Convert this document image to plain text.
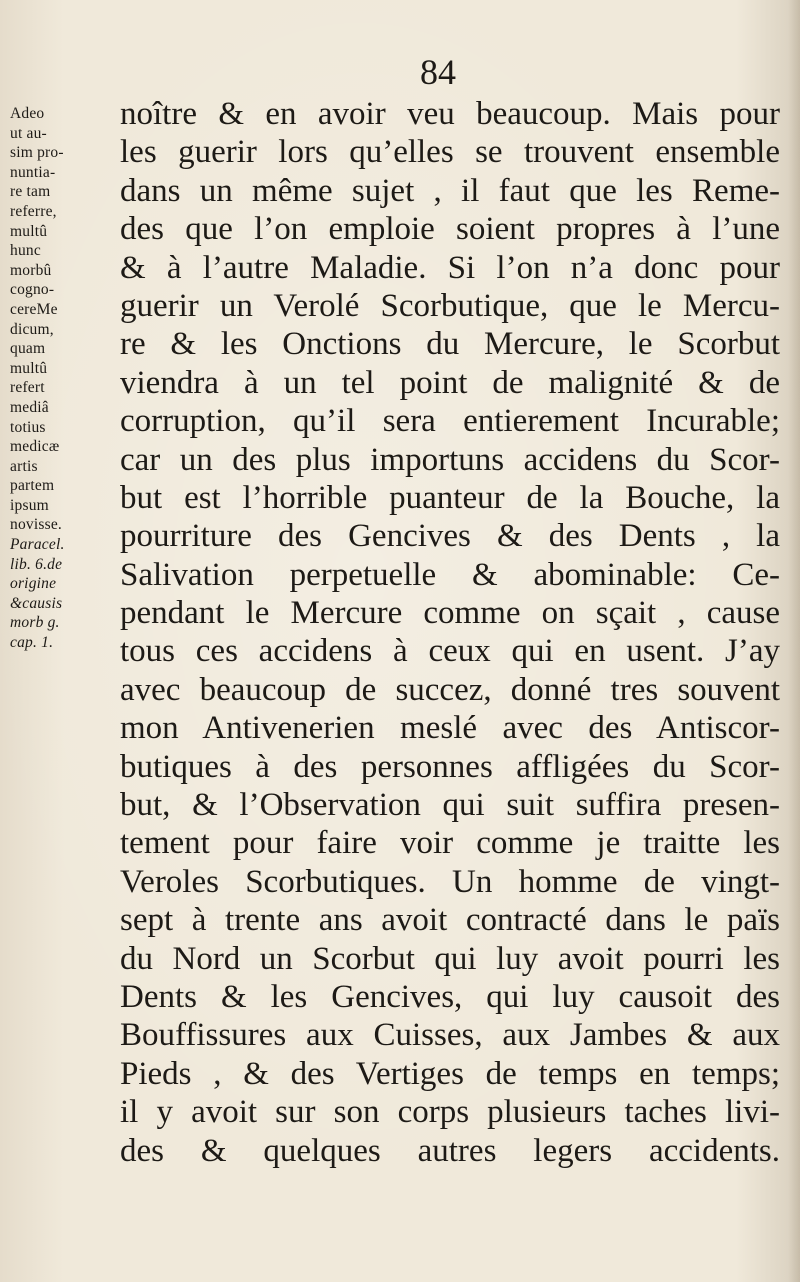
84
Adeo
ut au-
sim pro-
nuntia-
re tam
referre,
multû
hunc
morbû
cogno-
cereMe
dicum,
quam
multû
refert
mediâ
totius
medicæ
artis
partem
ipsum
novisse.
Paracel.
lib. 6.de
origine
&causis
morb g.
cap. 1.
noître & en avoir veu beaucoup. Mais pour
les guerir lors qu’elles se trouvent ensemble
dans un même sujet , il faut que les Reme-
des que l’on emploie soient propres à l’une
& à l’autre Maladie. Si l’on n’a donc pour
guerir un Verolé Scorbutique, que le Mercu-
re & les Onctions du Mercure, le Scorbut
viendra à un tel point de malignité & de
corruption, qu’il sera entierement Incurable;
car un des plus importuns accidens du Scor-
but est l’horrible puanteur de la Bouche, la
pourriture des Gencives & des Dents , la
Salivation perpetuelle & abominable: Ce-
pendant le Mercure comme on sçait , cause
tous ces accidens à ceux qui en usent. J’ay
avec beaucoup de succez, donné tres souvent
mon Antivenerien meslé avec des Antiscor-
butiques à des personnes affligées du Scor-
but, & l’Observation qui suit suffira presen-
tement pour faire voir comme je traitte les
Veroles Scorbutiques. Un homme de vingt-
sept à trente ans avoit contracté dans le païs
du Nord un Scorbut qui luy avoit pourri les
Dents & les Gencives, qui luy causoit des
Bouffissures aux Cuisses, aux Jambes & aux
Pieds , & des Vertiges de temps en temps;
il y avoit sur son corps plusieurs taches livi-
des & quelques autres legers accidents.
